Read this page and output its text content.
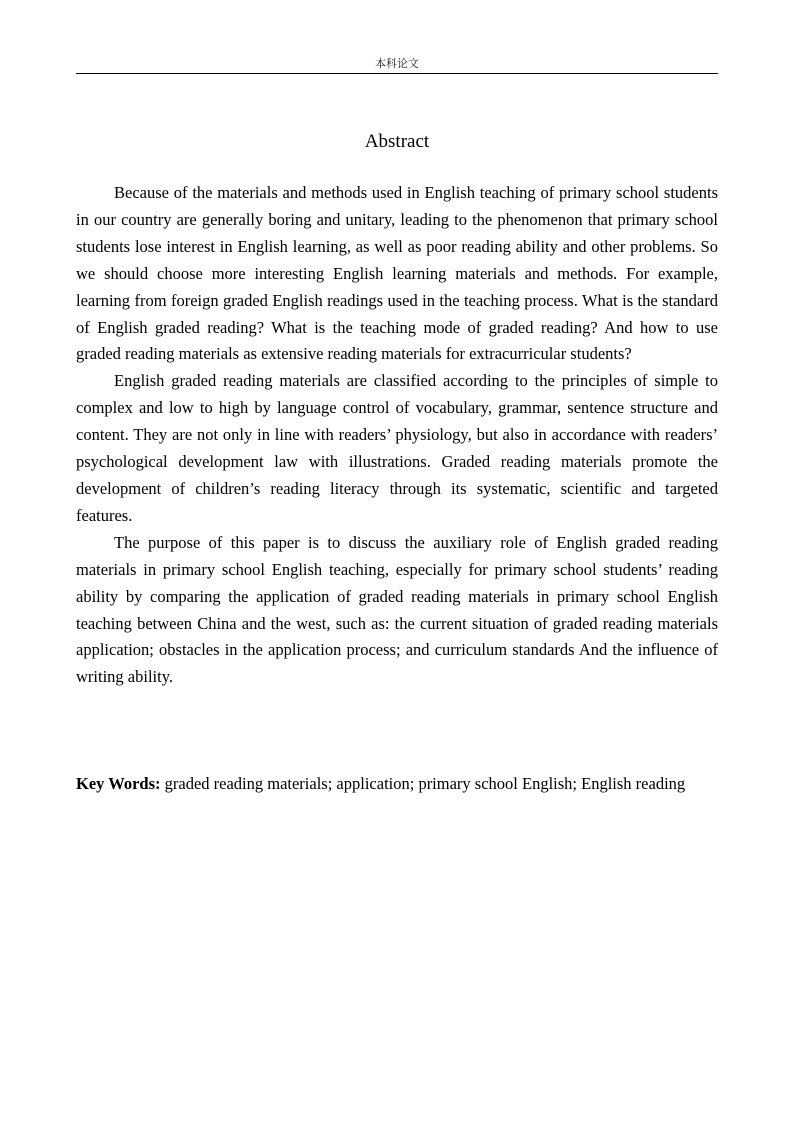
本科论文
Abstract

Because of the materials and methods used in English teaching of primary school students in our country are generally boring and unitary, leading to the phenomenon that primary school students lose interest in English learning, as well as poor reading ability and other problems. So we should choose more interesting English learning materials and methods. For example, learning from foreign graded English readings used in the teaching process. What is the standard of English graded reading? What is the teaching mode of graded reading? And how to use graded reading materials as extensive reading materials for extracurricular students?

English graded reading materials are classified according to the principles of simple to complex and low to high by language control of vocabulary, grammar, sentence structure and content. They are not only in line with readers’ physiology, but also in accordance with readers’ psychological development law with illustrations. Graded reading materials promote the development of children’s reading literacy through its systematic, scientific and targeted features.

The purpose of this paper is to discuss the auxiliary role of English graded reading materials in primary school English teaching, especially for primary school students’ reading ability by comparing the application of graded reading materials in primary school English teaching between China and the west, such as: the current situation of graded reading materials application; obstacles in the application process; and curriculum standards And the influence of writing ability.

Key Words: graded reading materials; application; primary school English; English reading
